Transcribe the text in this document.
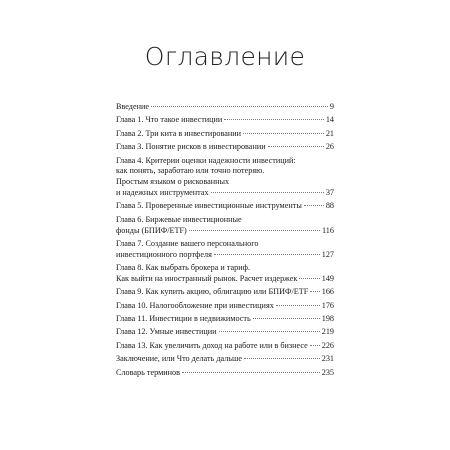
Оглавление
Введение	9
Глава 1. Что такое инвестиции	14
Глава 2. Три кита в инвестировании	21
Глава 3. Понятие рисков в инвестировании	26
Глава 4. Критерии оценки надежности инвестиций:
как понять, заработаю или точно потеряю.
Простым языком о рискованных
и надежных инструментах	37
Глава 5. Проверенные инвестиционные инструменты	88
Глава 6. Биржевые инвестиционные
фонды (БПИФ/ETF)	116
Глава 7. Создание вашего персонального
инвестиционного портфеля	127
Глава 8. Как выбрать брокера и тариф.
Как выйти на иностранный рынок. Расчет издержек	149
Глава 9. Как купить акцию, облигацию или БПИФ/ETF 166
Глава 10. Налогообложение при инвестициях	176
Глава 11. Инвестиции в недвижимость	198
Глава 12. Умные инвестиции	219
Глава 13. Как увеличить доход на работе или в бизнесе 226
Заключение, или Что делать дальше	231
Словарь терминов	235
